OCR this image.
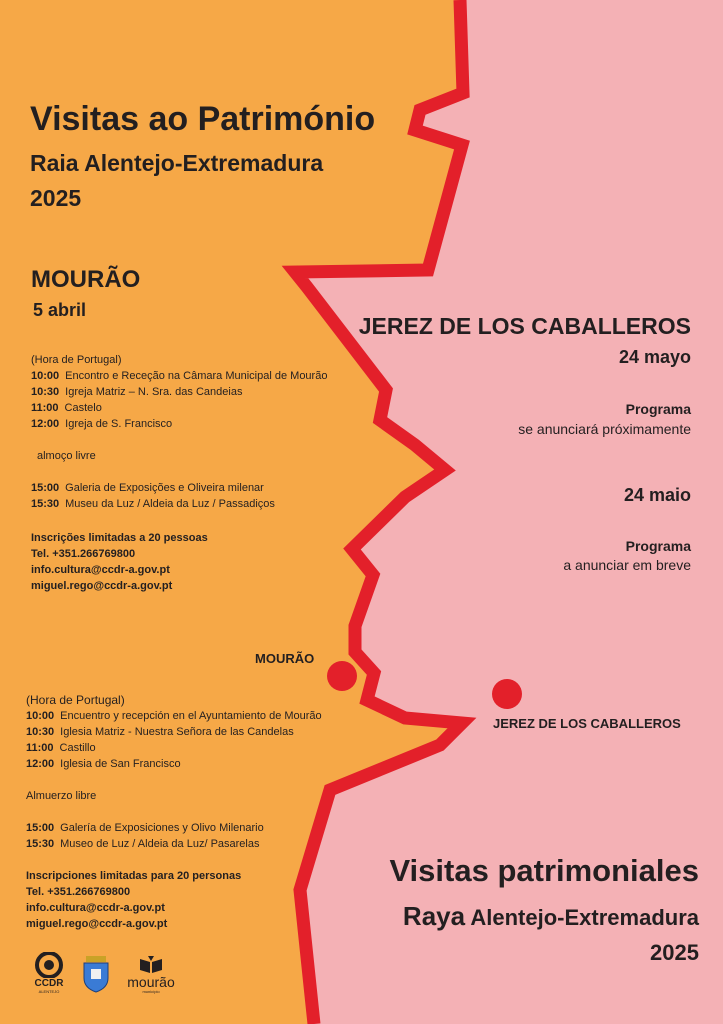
Visitas ao Património
Raia Alentejo-Extremadura
2025
MOURÃO
5 abril
(Hora de Portugal)
10:00 Encontro e Receção na Câmara Municipal de Mourão
10:30 Igreja Matriz – N. Sra. das Candeias
11:00 Castelo
12:00 Igreja de S. Francisco
almoço livre
15:00 Galeria de Exposições e Oliveira milenar
15:30 Museu da Luz / Aldeia da Luz / Passadiços
Inscrições limitadas a 20 pessoas
Tel. +351.266769800
info.cultura@ccdr-a.gov.pt
miguel.rego@ccdr-a.gov.pt
JEREZ DE LOS CABALLEROS
24 mayo
Programa
se anunciará próximamente
24 maio
Programa
a anunciar em breve
MOURÃO
JEREZ DE LOS CABALLEROS
(Hora de Portugal)
10:00 Encuentro y recepción en el Ayuntamiento de Mourão
10:30 Iglesia Matriz - Nuestra Señora de las Candelas
11:00 Castillo
12:00 Iglesia de San Francisco
Almuerzo libre
15:00 Galería de Exposiciones y Olivo Milenario
15:30 Museo de Luz / Aldeia da Luz/ Pasarelas
Inscripciones limitadas para 20 personas
Tel. +351.266769800
info.cultura@ccdr-a.gov.pt
miguel.rego@ccdr-a.gov.pt
Visitas patrimoniales
Raya Alentejo-Extremadura
2025
CCDR
ALENTEJO
mourão
município
